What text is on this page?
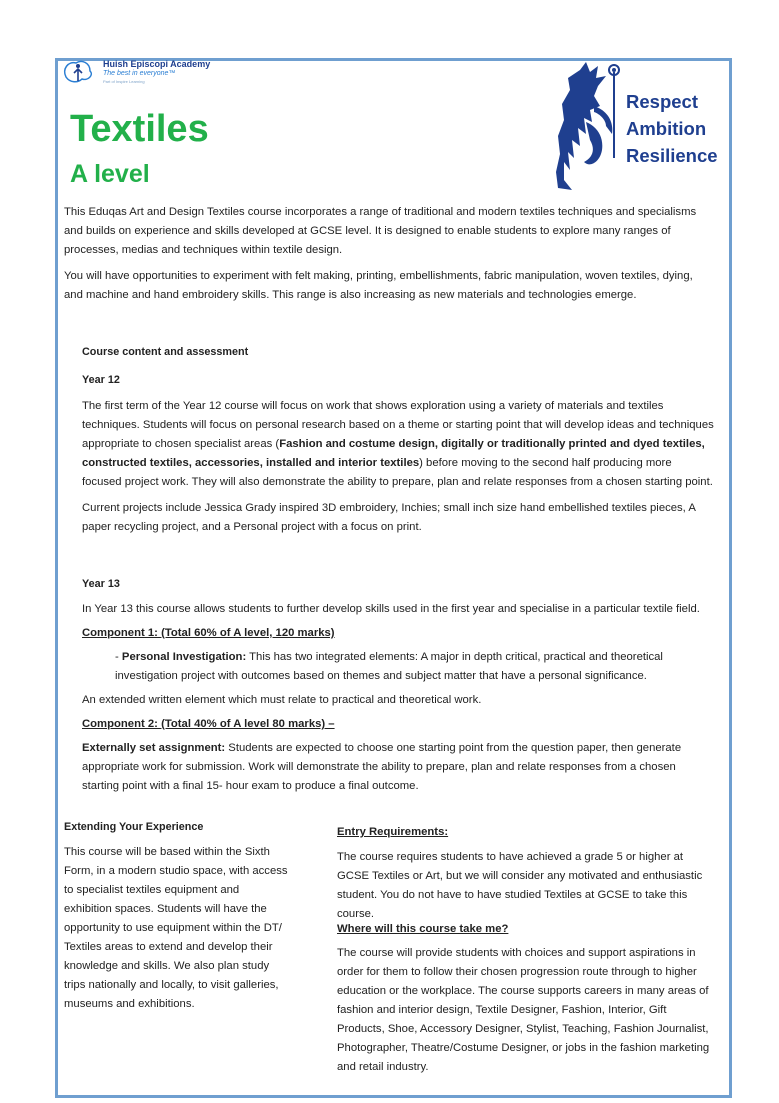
Huish Episcopi Academy
The best in everyone™
Part of Inspire Learning
Textiles
A level
Respect
Ambition
Resilience

This Eduqas Art and Design Textiles course incorporates a range of traditional and modern textiles techniques and specialisms and builds on experience and skills developed at GCSE level. It is designed to enable students to explore many ranges of processes, medias and techniques within textile design.

You will have opportunities to experiment with felt making, printing, embellishments, fabric manipulation, woven textiles, dying, and machine and hand embroidery skills. This range is also increasing as new materials and technologies emerge.

Course content and assessment
Year 12

The first term of the Year 12 course will focus on work that shows exploration using a variety of materials and textiles techniques. Students will focus on personal research based on a theme or starting point that will develop ideas and techniques appropriate to chosen specialist areas (Fashion and costume design, digitally or traditionally printed and dyed textiles, constructed textiles, accessories, installed and interior textiles) before moving to the second half producing more focused project work. They will also demonstrate the ability to prepare, plan and relate responses from a chosen starting point.

Current projects include Jessica Grady inspired 3D embroidery, Inchies; small inch size hand embellished textiles pieces, A paper recycling project, and a Personal project with a focus on print.

Year 13

In Year 13 this course allows students to further develop skills used in the first year and specialise in a particular textile field.

Component 1: (Total 60% of A level, 120 marks)

- Personal Investigation: This has two integrated elements: A major in depth critical, practical and theoretical investigation project with outcomes based on themes and subject matter that have a personal significance.

An extended written element which must relate to practical and theoretical work.

Component 2: (Total 40% of A level 80 marks) –

Externally set assignment: Students are expected to choose one starting point from the question paper, then generate appropriate work for submission. Work will demonstrate the ability to prepare, plan and relate responses from a chosen starting point with a final 15- hour exam to produce a final outcome.

Extending Your Experience
This course will be based within the Sixth Form, in a modern studio space, with access to specialist textiles equipment and exhibition spaces. Students will have the opportunity to use equipment within the DT/ Textiles areas to extend and develop their knowledge and skills. We also plan study trips nationally and locally, to visit galleries, museums and exhibitions.
Entry Requirements:
The course requires students to have achieved a grade 5 or higher at GCSE Textiles or Art, but we will consider any motivated and enthusiastic student. You do not have to have studied Textiles at GCSE to take this course.
Where will this course take me?
The course will provide students with choices and support aspirations in order for them to follow their chosen progression route through to higher education or the workplace. The course supports careers in many areas of fashion and interior design, Textile Designer, Fashion, Interior, Gift Products, Shoe, Accessory Designer, Stylist, Teaching, Fashion Journalist, Photographer, Theatre/Costume Designer, or jobs in the fashion marketing and retail industry.
